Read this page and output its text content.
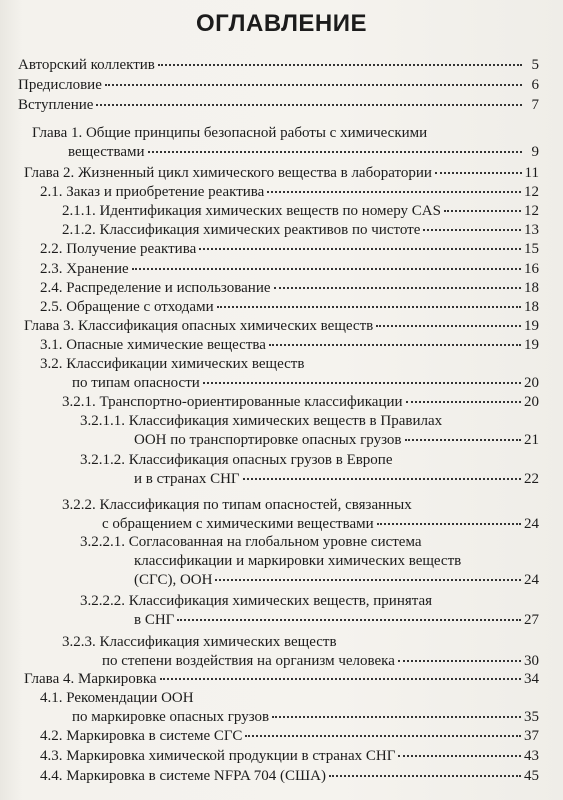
ОГЛАВЛЕНИЕ
Авторский коллектив	5
Предисловие	6
Вступление	7
Глава 1. Общие принципы безопасной работы с химическими
веществами	9
Глава 2. Жизненный цикл химического вещества в лаборатории	11
2.1. Заказ и приобретение реактива	12
2.1.1. Идентификация химических веществ по номеру CAS	12
2.1.2. Классификация химических реактивов по чистоте	13
2.2. Получение реактива	15
2.3. Хранение	16
2.4. Распределение и использование	18
2.5. Обращение с отходами	18
Глава 3. Классификация опасных химических веществ	19
3.1. Опасные химические вещества	19
3.2. Классификации химических веществ
по типам опасности	20
3.2.1. Транспортно-ориентированные классификации	20
3.2.1.1. Классификация химических веществ в Правилах
ООН по транспортировке опасных грузов	21
3.2.1.2. Классификация опасных грузов в Европе
и в странах СНГ	22
3.2.2. Классификация по типам опасностей, связанных
с обращением с химическими веществами	24
3.2.2.1. Согласованная на глобальном уровне система
классификации и маркировки химических веществ
(СГС), ООН	24
3.2.2.2. Классификация химических веществ, принятая
в СНГ	27
3.2.3. Классификация химических веществ
по степени воздействия на организм человека	30
Глава 4. Маркировка	34
4.1. Рекомендации ООН
по маркировке опасных грузов	35
4.2. Маркировка в системе СГС	37
4.3. Маркировка химической продукции в странах СНГ	43
4.4. Маркировка в системе NFPA 704 (США)	45
